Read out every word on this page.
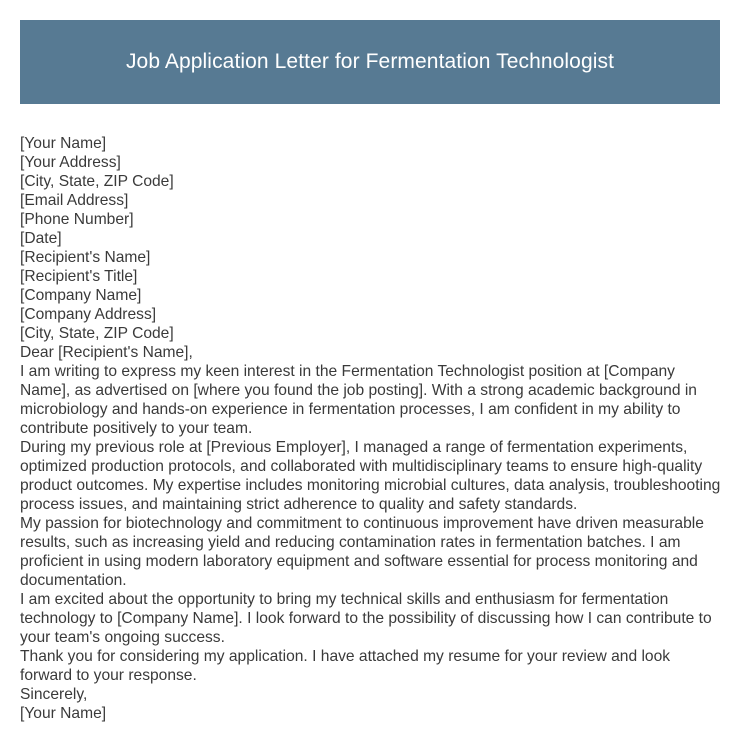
Job Application Letter for Fermentation Technologist
[Your Name]
[Your Address]
[City, State, ZIP Code]
[Email Address]
[Phone Number]
[Date]
[Recipient's Name]
[Recipient's Title]
[Company Name]
[Company Address]
[City, State, ZIP Code]
Dear [Recipient's Name],
I am writing to express my keen interest in the Fermentation Technologist position at [Company Name], as advertised on [where you found the job posting]. With a strong academic background in microbiology and hands-on experience in fermentation processes, I am confident in my ability to contribute positively to your team.
During my previous role at [Previous Employer], I managed a range of fermentation experiments, optimized production protocols, and collaborated with multidisciplinary teams to ensure high-quality product outcomes. My expertise includes monitoring microbial cultures, data analysis, troubleshooting process issues, and maintaining strict adherence to quality and safety standards.
My passion for biotechnology and commitment to continuous improvement have driven measurable results, such as increasing yield and reducing contamination rates in fermentation batches. I am proficient in using modern laboratory equipment and software essential for process monitoring and documentation.
I am excited about the opportunity to bring my technical skills and enthusiasm for fermentation technology to [Company Name]. I look forward to the possibility of discussing how I can contribute to your team's ongoing success.
Thank you for considering my application. I have attached my resume for your review and look forward to your response.
Sincerely,
[Your Name]
